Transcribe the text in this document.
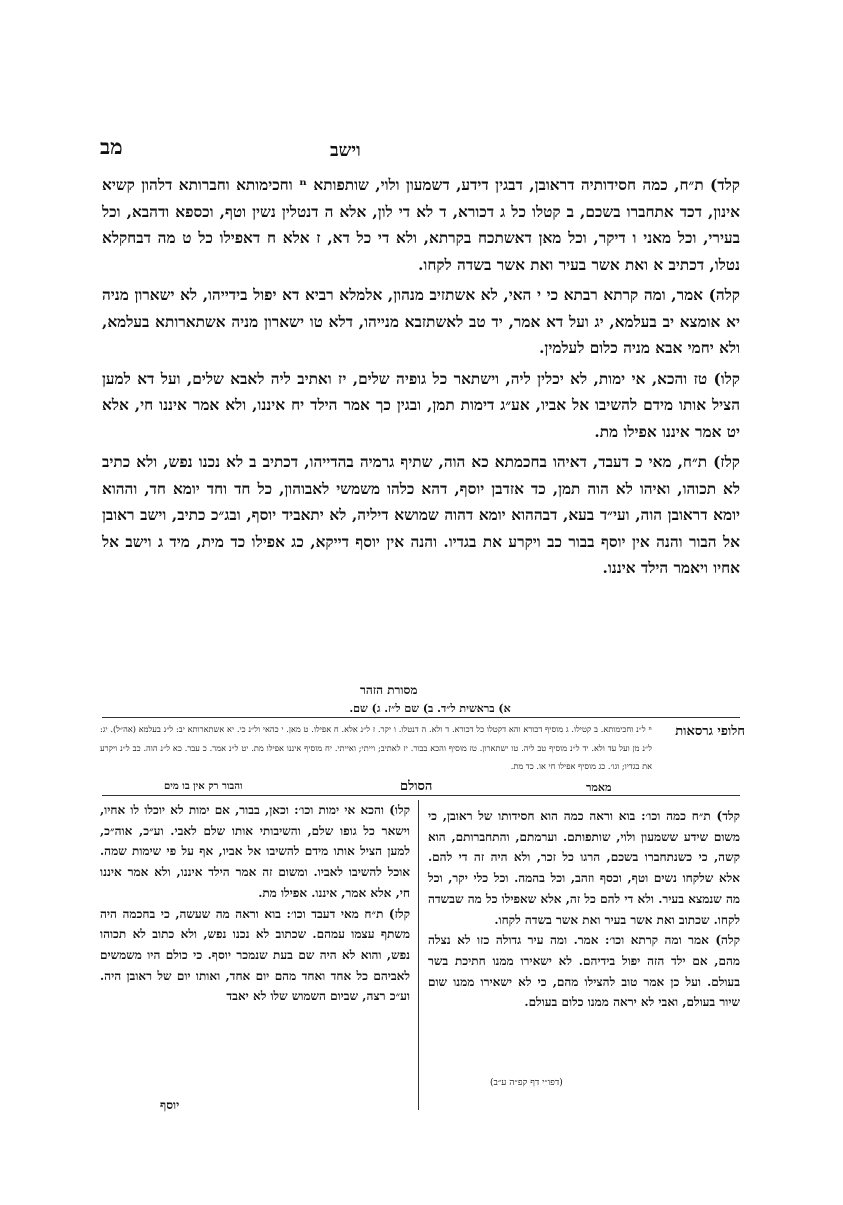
מב	וישב

קלד) ת״ח, כמה חסידותיה דראובן, דבגין דידע, דשמעון ולוי, שותפותא ⁿ וחכימותא וחברותא דלהון קשיא אינון, דכד אתחברו בשכם, ב קטלו כל ג דכורא, ד לא די לון, אלא ה דנטלין נשין וטף, וכספא ודהבא, וכל בעירי, וכל מאני ו דיקר, וכל מאן דאשתכח בקרתא, ולא די כל דא, ז אלא ח דאפילו כל ט מה דבחקלא נטלו, דכתיב א ואת אשר בעיר ואת אשר בשדה לקחו.

קלה) אמר, ומה קרתא רבתא כי י האי, לא אשתזיב מנהון, אלמלא רביא דא יפול בידייהו, לא ישארון מניה יא אומצא יב בעלמא, יג ועל דא אמר, יד טב לאשתזבא מנייהו, דלא טו ישארון מניה אשתארותא בעלמא, ולא יחמי אבא מניה כלום לעלמין.

קלו) טז והכא, אי ימות, לא יכלין ליה, וישתאר כל גופיה שלים, יז ואתיב ליה לאבא שלים, ועל דא למען הציל אותו מידם להשיבו אל אביו, אע״ג דימות תמן, ובגין כך אמר הילד יח איננו, ולא אמר איננו חי, אלא יט אמר איננו אפילו מת.

קלז) ת״ח, מאי כ דעבד, דאיהו בחכמתא כא הוה, שתיף גרמיה בהדייהו, דכתיב ב לא נכנו נפש, ולא כתיב לא תכוהו, ואיהו לא הוה תמן, כד אזדבן יוסף, דהא כלהו משמשי לאבוהון, כל חד וחד יומא חד, וההוא יומא דראובן הוה, ועי״ד בעא, דבההוא יומא דהוה שמושא דיליה, לא יתאביד יוסף, ובג״כ כתיב, וישב ראובן אל הבור והנה אין יוסף בבור כב ויקרע את בגדיו. והנה אין יוסף דייקא, כג אפילו כד מית, מיד ג וישב אל אחיו ויאמר הילד איננו.

מסורת הזהר
א) בראשית ל״ד. ב) שם ל״ז. ג) שם.
חלופי גרסאות
ⁿ ל״נ וחכימותא. ב קטילו. ג מוסיף דכורא והא דקטלו כל דכורא. ד ולא. ה דנטלו. ו יקר. ז ל״נ אלא. ח אפילו. ט מאן. י כהאי ול״נ כי. יא אשתארותא יב: ל״נ בעלמא (אה״ל). יג: ל״נ מן ועל עד ולא. יד ל״נ מוסיף טב ליה. טו ישתארון. טז מוסיף והכא בבור. יז לאתיב; וייתי; ואייתי. יח מוסיף איננו אפילו מת. יט ל״נ אמר. כ עבר. כא ל״נ הוה. כב ל״נ ויקרע את בגדיו; וגו׳. כג מוסיף אפילו חי או. כד מת.
הסולם	מאמר
והבור רק אין בו מים

קלד) ת״ח כמה וכו׳: בוא וראה כמה הוא חסידותו של ראובן, כי משום שידע ששמעון ולוי, שותפותם. וערמתם, והתחברותם, הוא קשה, כי כשנתחברו בשכם, הרגו כל זכר, ולא היה זה די להם. אלא שלקחו נשים וטף, וכסף וזהב, וכל בהמה. וכל כלי יקר, וכל מה שנמצא בעיר. ולא די להם כל זה, אלא שאפילו כל מה שבשדה לקחו. שכתוב ואת אשר בעיר ואת אשר בשדה לקחו.

קלה) אמר ומה קרתא וכו׳: אמר. ומה עיר גדולה כזו לא נצלה מהם, אם ילד הזה יפול בידיהם. לא ישאירו ממנו חתיכת בשר בעולם. ועל כן אמר טוב להצילו מהם, כי לא ישאירו ממנו שום שיור בעולם, ואבי לא יראה ממנו כלום בעולם.

קלו) והכא אי ימות וכו׳: וכאן, בבור, אם ימות לא יוכלו לו אחיו, וישאר כל גופו שלם, והשיבותי אותו שלם לאבי. וע״כ, אוה״כ, למען הציל אותו מידם להשיבו אל אביו, אף על פי שימות שמה. אוכל להשיבו לאביו. ומשום זה אמר הילד איננו, ולא אמר איננו חי, אלא אמר, איננו. אפילו מת.

קלז) ת״ח מאי דעבד וכו׳: בוא וראה מה שעשה, כי בחכמה היה משתף עצמו עמהם. שכתוב לא נכנו נפש, ולא כתוב לא תכוהו נפש, והוא לא היה שם בעת שנמכר יוסף. כי כולם היו משמשים לאביהם כל אחד ואחד מהם יום אחד, ואותו יום של ראובן היה. וע״כ רצה, שביום השמוש שלו לא יאבד

(דפו״י דף קפ״ה ע״ב)
יוסף
